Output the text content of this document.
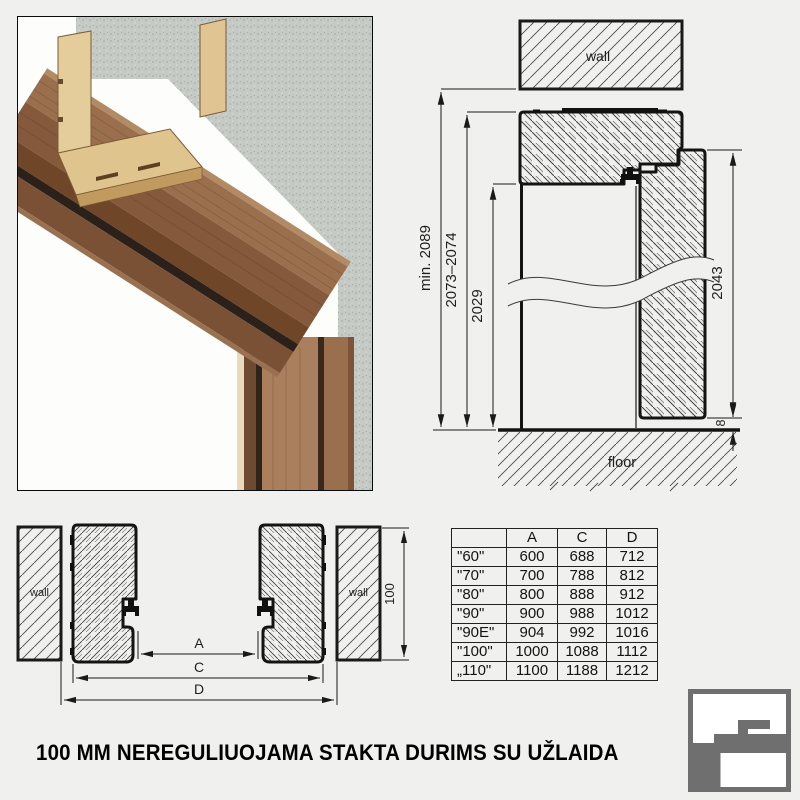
wall
floor
min. 2089 2073–2074 2029
2043
8
wall	wall 100
A
C
D
	A	C	D
"60"	600	688	712
"70"	700	788	812
"80"	800	888	912
"90"	900	988	1012
"90E"	904	992	1016
"100"	1000	1088	1112
„110"	1100	1188	1212
100 MM NEREGULIUOJAMA STAKTA DURIMS SU UŽLAIDA
